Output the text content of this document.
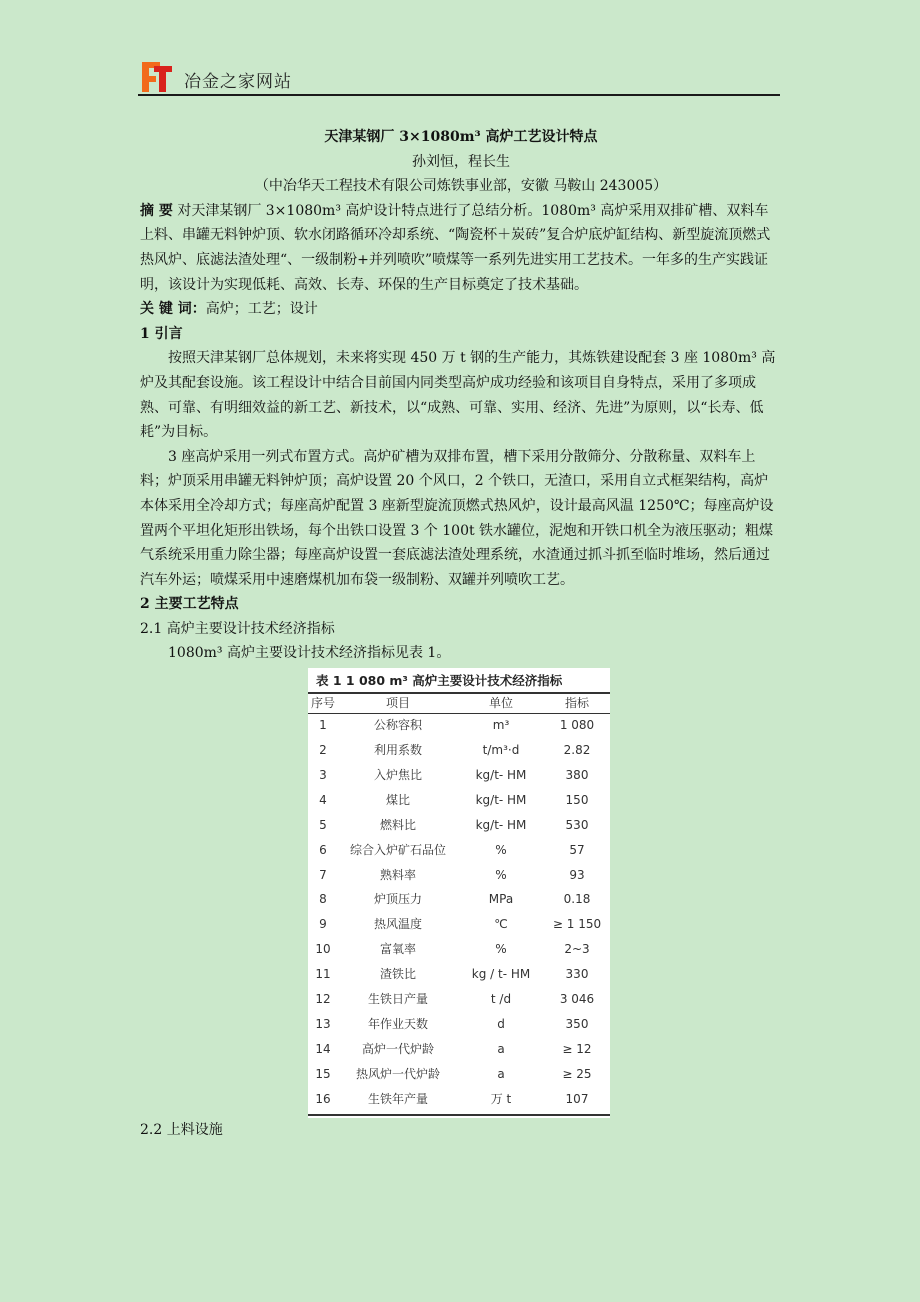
冶金之家网站

天津某钢厂 3×1080m³ 高炉工艺设计特点

孙刘恒，程长生

（中冶华天工程技术有限公司炼铁事业部，安徽 马鞍山 243005）

摘 要 对天津某钢厂 3×1080m³ 高炉设计特点进行了总结分析。1080m³ 高炉采用双排矿槽、双料车上料、串罐无料钟炉顶、软水闭路循环冷却系统、“陶瓷杯＋炭砖”复合炉底炉缸结构、新型旋流顶燃式热风炉、底滤法渣处理“、一级制粉+并列喷吹”喷煤等一系列先进实用工艺技术。一年多的生产实践证明，该设计为实现低耗、高效、长寿、环保的生产目标奠定了技术基础。

关 键 词：高炉；工艺；设计

1 引言

按照天津某钢厂总体规划，未来将实现 450 万 t 钢的生产能力，其炼铁建设配套 3 座 1080m³ 高炉及其配套设施。该工程设计中结合目前国内同类型高炉成功经验和该项目自身特点，采用了多项成熟、可靠、有明细效益的新工艺、新技术，以“成熟、可靠、实用、经济、先进”为原则，以“长寿、低耗”为目标。

3 座高炉采用一列式布置方式。高炉矿槽为双排布置，槽下采用分散筛分、分散称量、双料车上料；炉顶采用串罐无料钟炉顶；高炉设置 20 个风口，2 个铁口，无渣口，采用自立式框架结构，高炉本体采用全冷却方式；每座高炉配置 3 座新型旋流顶燃式热风炉，设计最高风温 1250℃；每座高炉设置两个平坦化矩形出铁场，每个出铁口设置 3 个 100t 铁水罐位，泥炮和开铁口机全为液压驱动；粗煤气系统采用重力除尘器；每座高炉设置一套底滤法渣处理系统，水渣通过抓斗抓至临时堆场，然后通过汽车外运；喷煤采用中速磨煤机加布袋一级制粉、双罐并列喷吹工艺。

2 主要工艺特点

2.1 高炉主要设计技术经济指标

1080m³ 高炉主要设计技术经济指标见表 1。

表 1 1 080 m³ 高炉主要设计技术经济指标
序号	项目	单位	指标
1	公称容积	m³	1 080
2	利用系数	t/m³·d	2.82
3	入炉焦比	kg/t- HM	380
4	煤比	kg/t- HM	150
5	燃料比	kg/t- HM	530
6	综合入炉矿石品位	%	57
7	熟料率	%	93
8	炉顶压力	MPa	0.18
9	热风温度	℃	≥ 1 150
10	富氧率	%	2~3
11	渣铁比	kg / t- HM	330
12	生铁日产量	t /d	3 046
13	年作业天数	d	350
14	高炉一代炉龄	a	≥ 12
15	热风炉一代炉龄	a	≥ 25
16	生铁年产量	万 t	107

2.2 上料设施
